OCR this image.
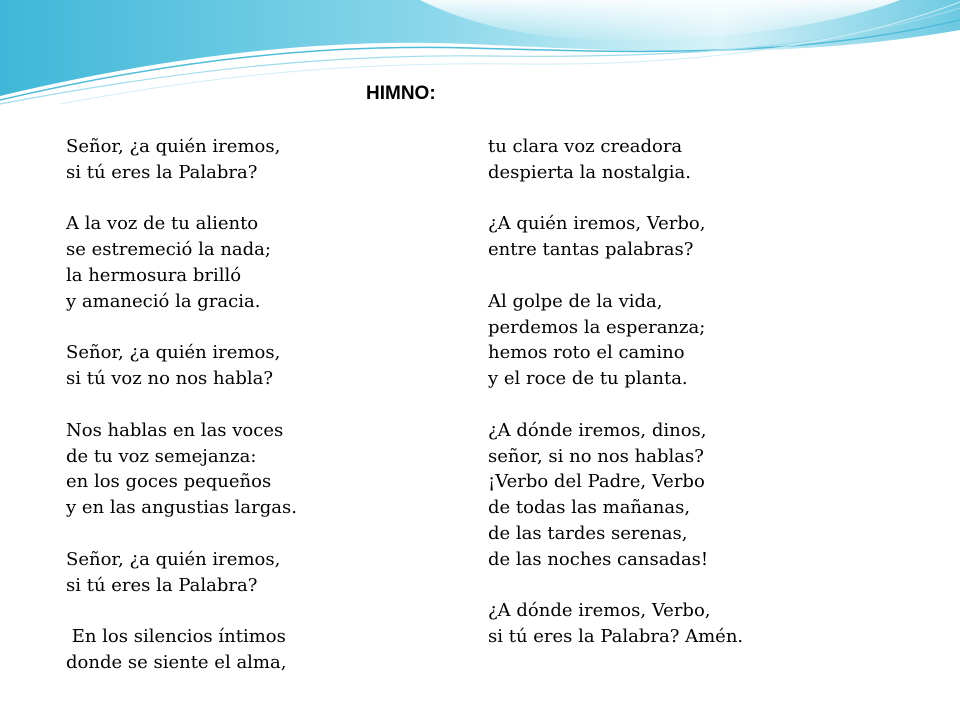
HIMNO:
Señor, ¿a quién iremos,
si tú eres la Palabra?
A la voz de tu aliento
se estremeció la nada;
la hermosura brilló
y amaneció la gracia.
Señor, ¿a quién iremos,
si tú voz no nos habla?
Nos hablas en las voces
de tu voz semejanza:
en los goces pequeños
y en las angustias largas.
Señor, ¿a quién iremos,
si tú eres la Palabra?
En los silencios íntimos
donde se siente el alma,
tu clara voz creadora
despierta la nostalgia.
¿A quién iremos, Verbo,
entre tantas palabras?
Al golpe de la vida,
perdemos la esperanza;
hemos roto el camino
y el roce de tu planta.
¿A dónde iremos, dinos,
señor, si no nos hablas?
¡Verbo del Padre, Verbo
de todas las mañanas,
de las tardes serenas,
de las noches cansadas!
¿A dónde iremos, Verbo,
si tú eres la Palabra? Amén.
